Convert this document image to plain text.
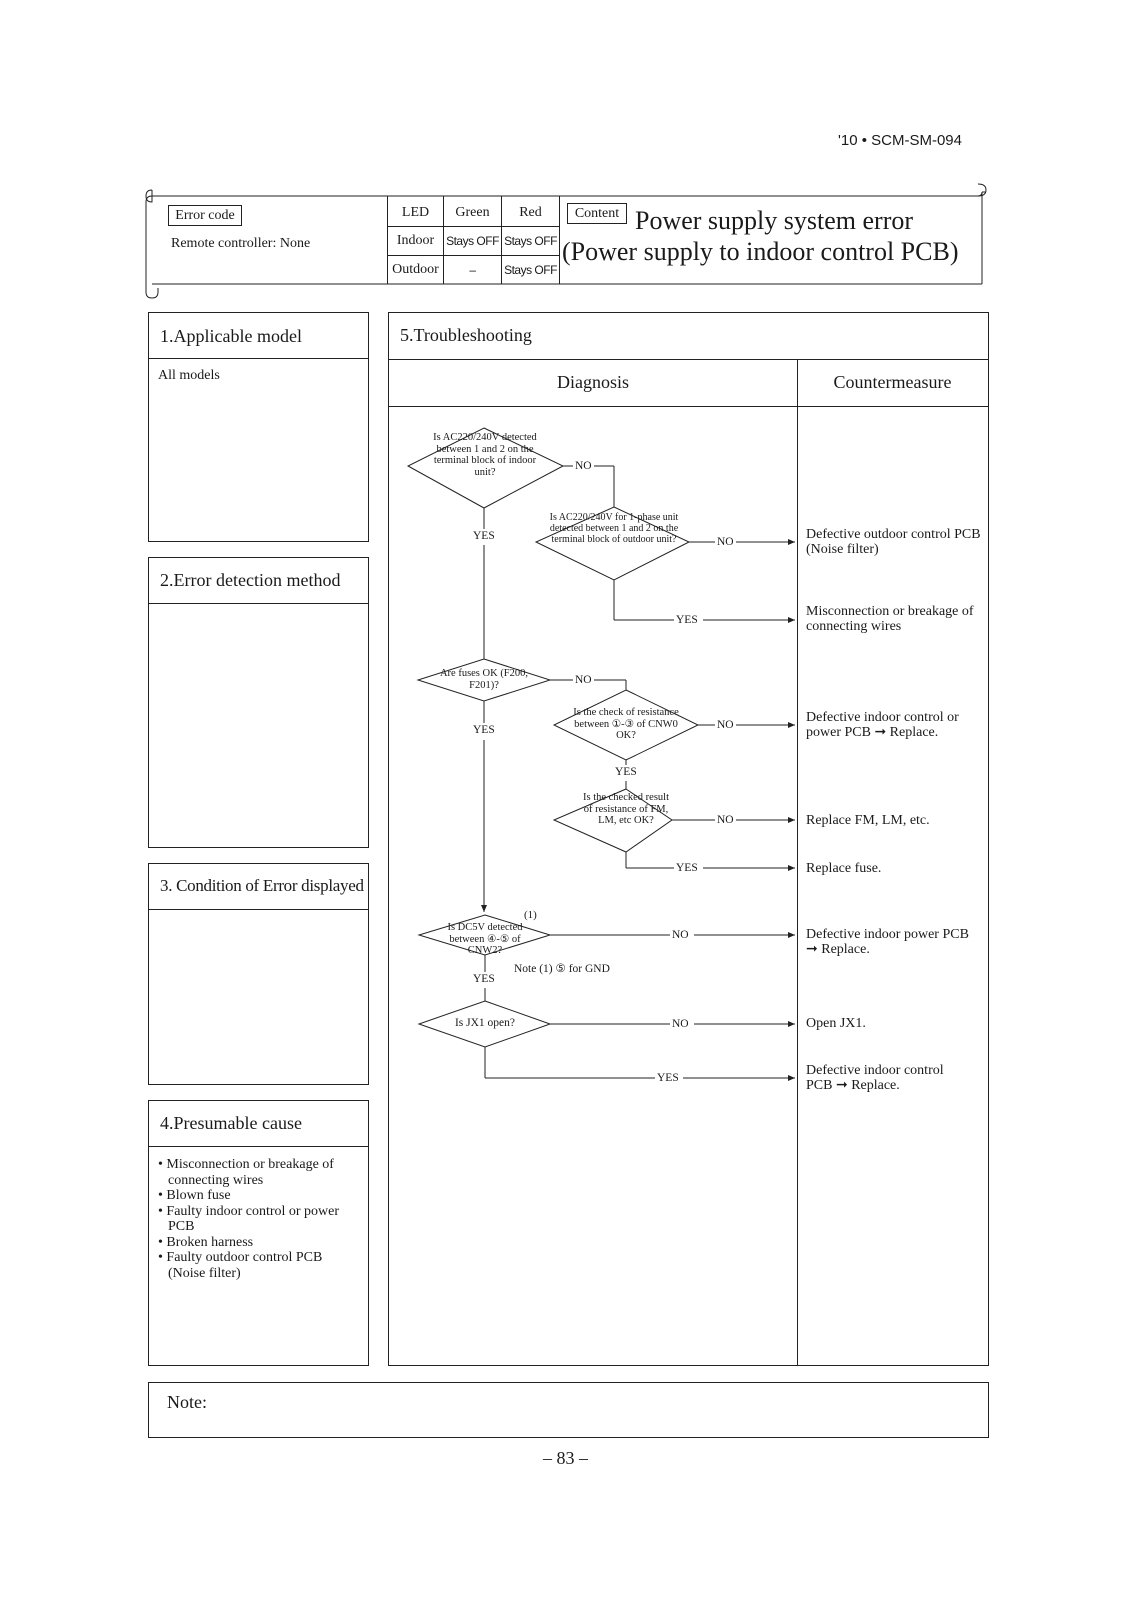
'10 • SCM-SM-094
Error code
Remote controller: None
LED	Green	Red
Indoor Stays OFF Stays OFF
Outdoor	–	Stays OFF
Content Power supply system error
(Power supply to indoor control PCB)
1.Applicable model
All models
2.Error detection method
3. Condition of Error displayed
4.Presumable cause
• Misconnection or breakage of connecting wires
• Blown fuse
• Faulty indoor control or power PCB
• Broken harness
• Faulty outdoor control PCB (Noise filter)
5.Troubleshooting
Diagnosis	Countermeasure
Is AC220/240V detected between 1 and 2 on the terminal block of indoor unit?
Is AC220/240V for 1-phase unit detected between 1 and 2 on the terminal block of outdoor unit?
Are fuses OK (F200, F201)?
Is the check of resistance between ①-③ of CNW0 OK?
Is the checked result of resistance of FM, LM, etc OK?
Is DC5V detected between ④-⑤ of CNW2?
(1)
Note (1) ⑤ for GND
Is JX1 open?
YES
NO
NO
YES
NO
YES	NO
YES
NO
YES
NO
YES
NO
YES
Defective outdoor control PCB (Noise filter)
Misconnection or breakage of connecting wires
Defective indoor control or power PCB ➞ Replace.
Replace FM, LM, etc.
Replace fuse.
Defective indoor power PCB ➞ Replace.
Open JX1.
Defective indoor control PCB ➞ Replace.
Note:
– 83 –
